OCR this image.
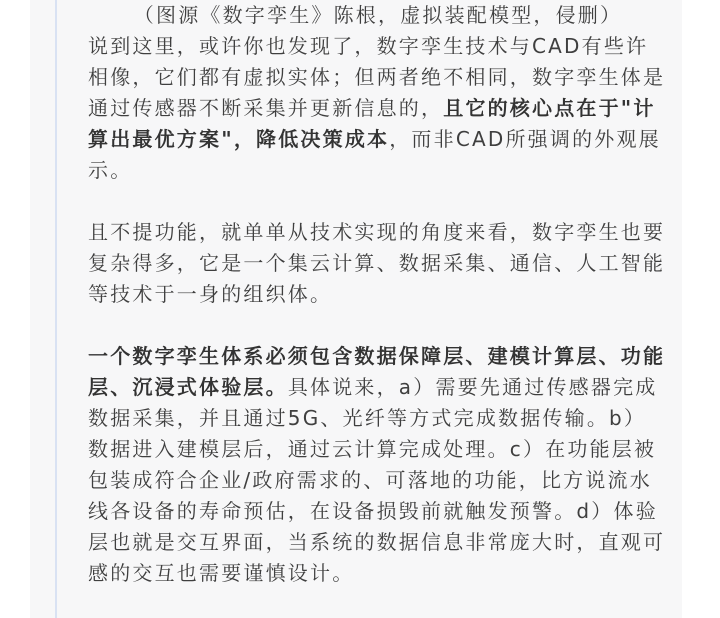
（图源《数字孪生》陈根，虚拟装配模型，侵删）

说到这里，或许你也发现了，数字孪生技术与CAD有些许相像，它们都有虚拟实体；但两者绝不相同，数字孪生体是通过传感器不断采集并更新信息的，且它的核心点在于"计算出最优方案"，降低决策成本，而非CAD所强调的外观展示。

且不提功能，就单单从技术实现的角度来看，数字孪生也要复杂得多，它是一个集云计算、数据采集、通信、人工智能等技术于一身的组织体。

一个数字孪生体系必须包含数据保障层、建模计算层、功能层、沉浸式体验层。具体说来，a）需要先通过传感器完成数据采集，并且通过5G、光纤等方式完成数据传输。b）数据进入建模层后，通过云计算完成处理。c）在功能层被包装成符合企业/政府需求的、可落地的功能，比方说流水线各设备的寿命预估，在设备损毁前就触发预警。d）体验层也就是交互界面，当系统的数据信息非常庞大时，直观可感的交互也需要谨慎设计。
